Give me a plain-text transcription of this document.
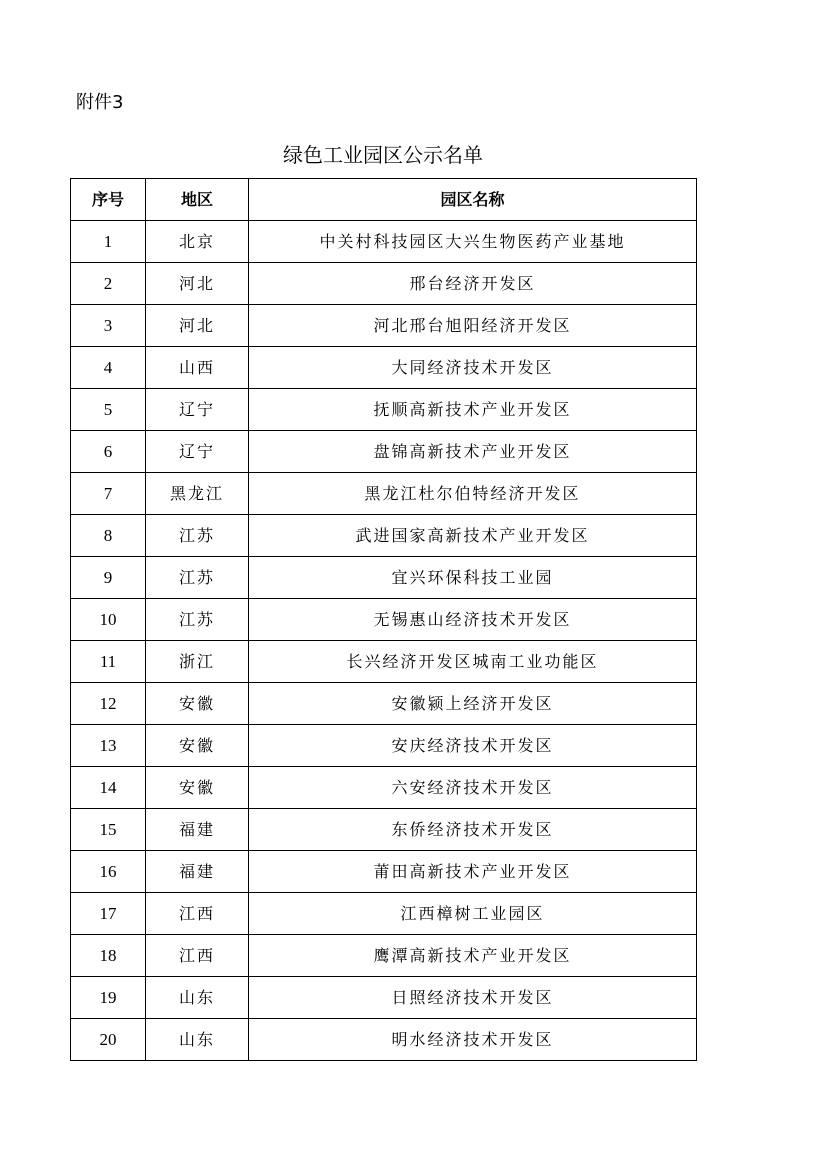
附件3
绿色工业园区公示名单
序号	地区	园区名称
1	北京	中关村科技园区大兴生物医药产业基地
2	河北	邢台经济开发区
3	河北	河北邢台旭阳经济开发区
4	山西	大同经济技术开发区
5	辽宁	抚顺高新技术产业开发区
6	辽宁	盘锦高新技术产业开发区
7	黑龙江	黑龙江杜尔伯特经济开发区
8	江苏	武进国家高新技术产业开发区
9	江苏	宜兴环保科技工业园
10	江苏	无锡惠山经济技术开发区
11	浙江	长兴经济开发区城南工业功能区
12	安徽	安徽颍上经济开发区
13	安徽	安庆经济技术开发区
14	安徽	六安经济技术开发区
15	福建	东侨经济技术开发区
16	福建	莆田高新技术产业开发区
17	江西	江西樟树工业园区
18	江西	鹰潭高新技术产业开发区
19	山东	日照经济技术开发区
20	山东	明水经济技术开发区
